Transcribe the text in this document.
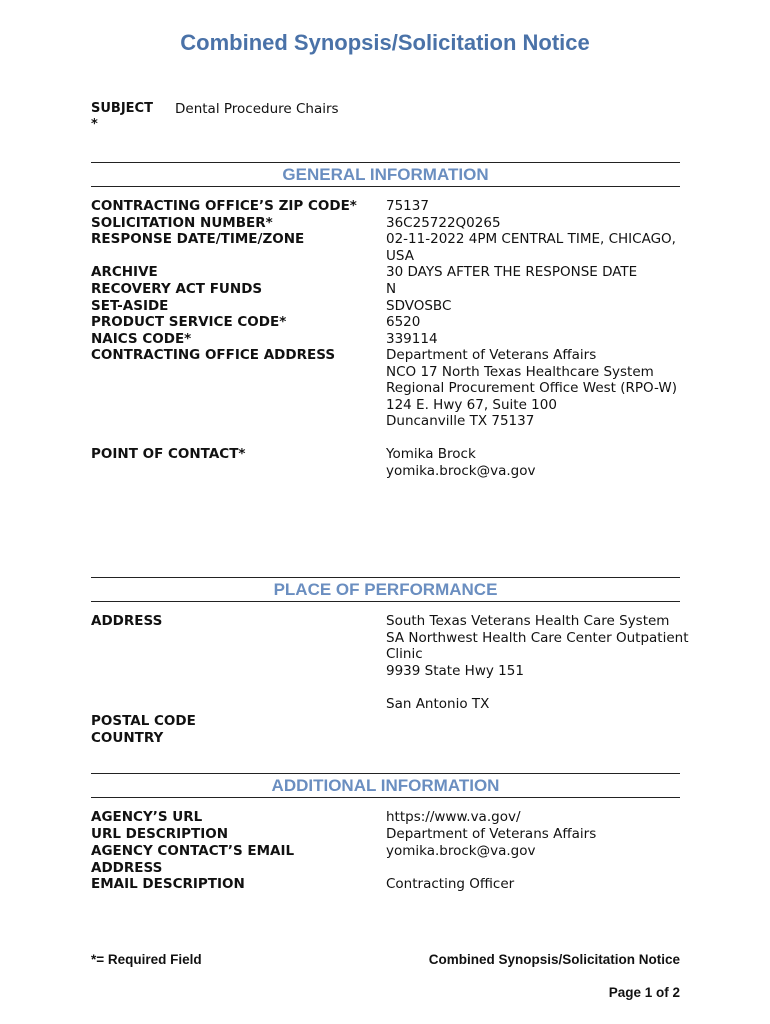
Combined Synopsis/Solicitation Notice
SUBJECT
*
Dental Procedure Chairs
GENERAL INFORMATION
CONTRACTING OFFICE’S ZIP CODE*	75137
SOLICITATION NUMBER*	36C25722Q0265
RESPONSE DATE/TIME/ZONE	02-11-2022 4PM CENTRAL TIME, CHICAGO, USA
ARCHIVE	30 DAYS AFTER THE RESPONSE DATE
RECOVERY ACT FUNDS	N
SET-ASIDE	SDVOSBC
PRODUCT SERVICE CODE*	6520
NAICS CODE*	339114
CONTRACTING OFFICE ADDRESS	Department of Veterans Affairs
NCO 17 North Texas Healthcare System
Regional Procurement Office West (RPO-W)
124 E. Hwy 67, Suite 100
Duncanville TX 75137
POINT OF CONTACT*	Yomika Brock
yomika.brock@va.gov
PLACE OF PERFORMANCE
ADDRESS	South Texas Veterans Health Care System
SA Northwest Health Care Center Outpatient Clinic
9939 State Hwy 151

San Antonio TX
POSTAL CODE
COUNTRY
ADDITIONAL INFORMATION
AGENCY’S URL	https://www.va.gov/
URL DESCRIPTION	Department of Veterans Affairs
AGENCY CONTACT’S EMAIL ADDRESS
yomika.brock@va.gov
EMAIL DESCRIPTION	Contracting Officer
*= Required Field	Combined Synopsis/Solicitation Notice
Page 1 of 2
